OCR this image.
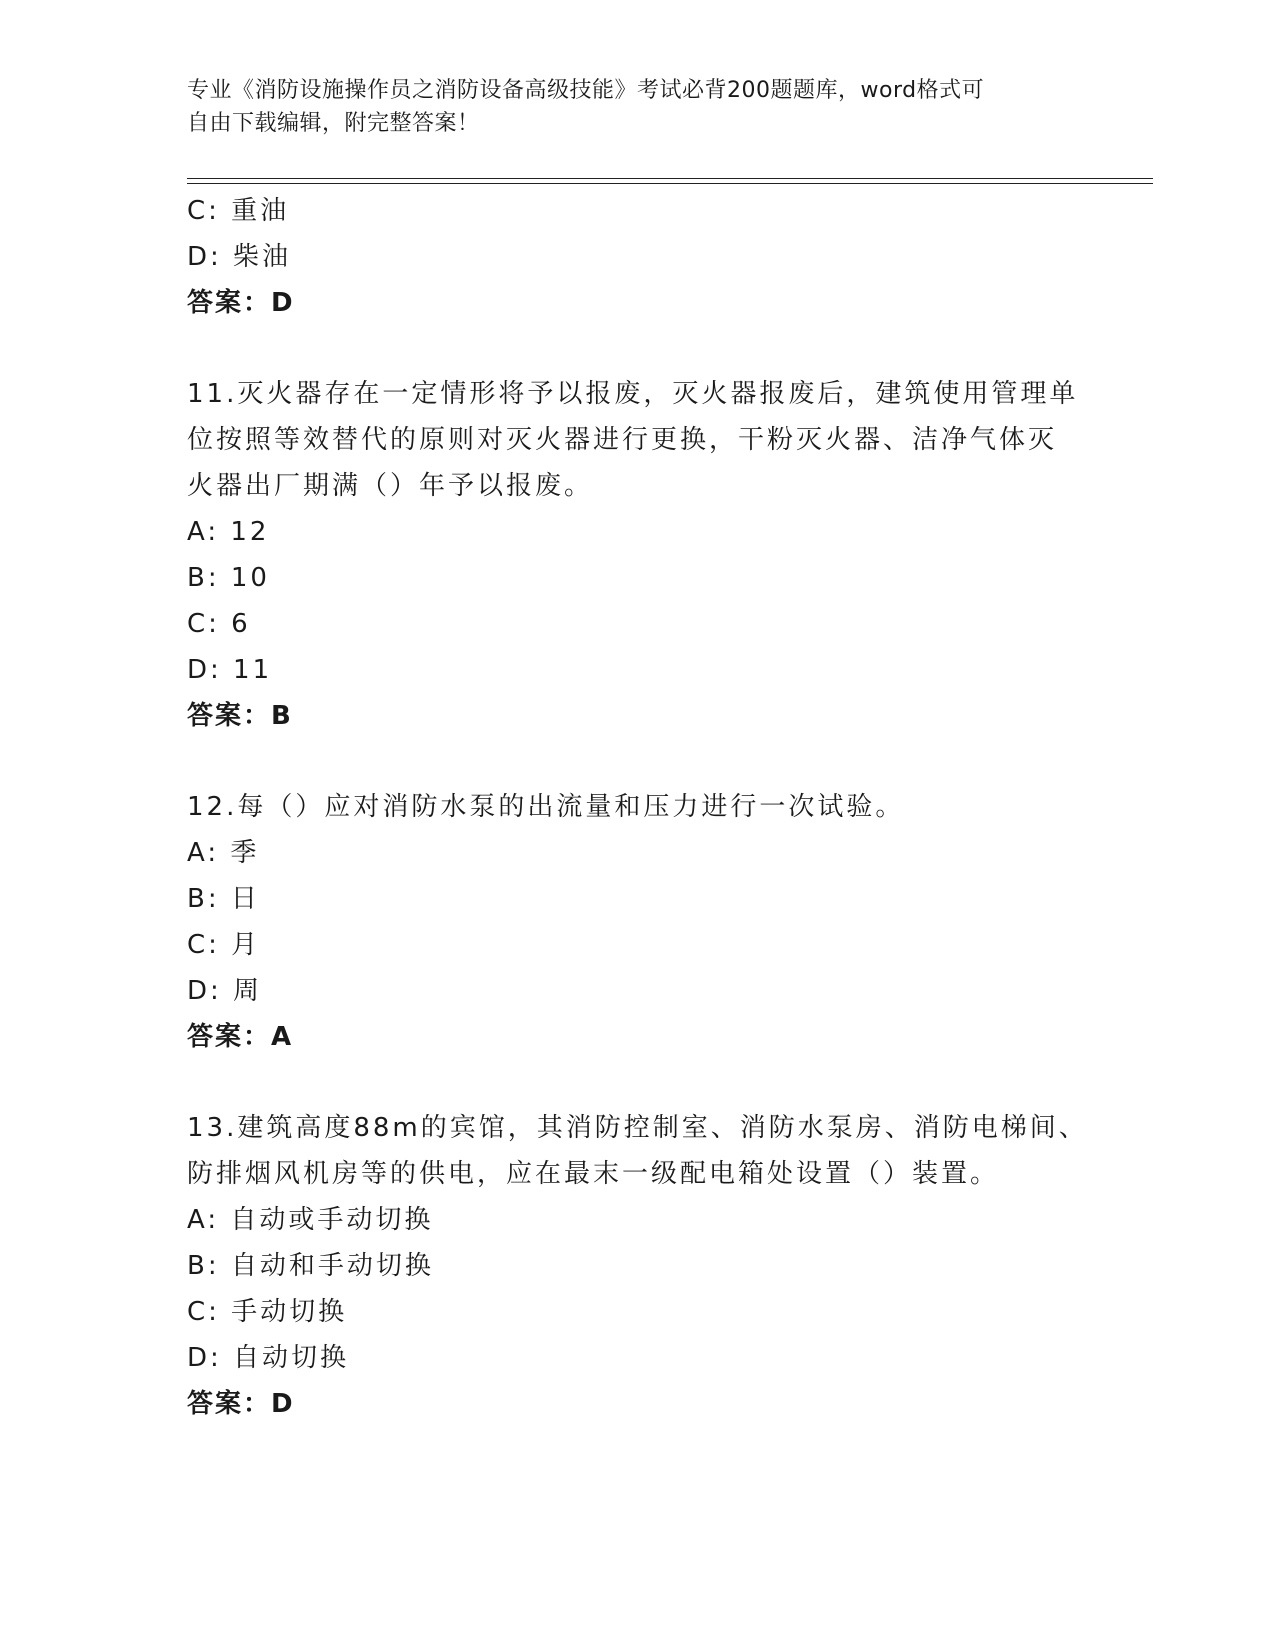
专业《消防设施操作员之消防设备高级技能》考试必背200题题库，word格式可
自由下载编辑，附完整答案！
C: 重油
D: 柴油
答案：D
11.灭火器存在一定情形将予以报废，灭火器报废后，建筑使用管理单
位按照等效替代的原则对灭火器进行更换，干粉灭火器、洁净气体灭
火器出厂期满（）年予以报废。
A: 12
B: 10
C: 6
D: 11
答案：B
12.每（）应对消防水泵的出流量和压力进行一次试验。
A: 季
B: 日
C: 月
D: 周
答案：A
13.建筑高度88m的宾馆，其消防控制室、消防水泵房、消防电梯间、
防排烟风机房等的供电，应在最末一级配电箱处设置（）装置。
A: 自动或手动切换
B: 自动和手动切换
C: 手动切换
D: 自动切换
答案：D
